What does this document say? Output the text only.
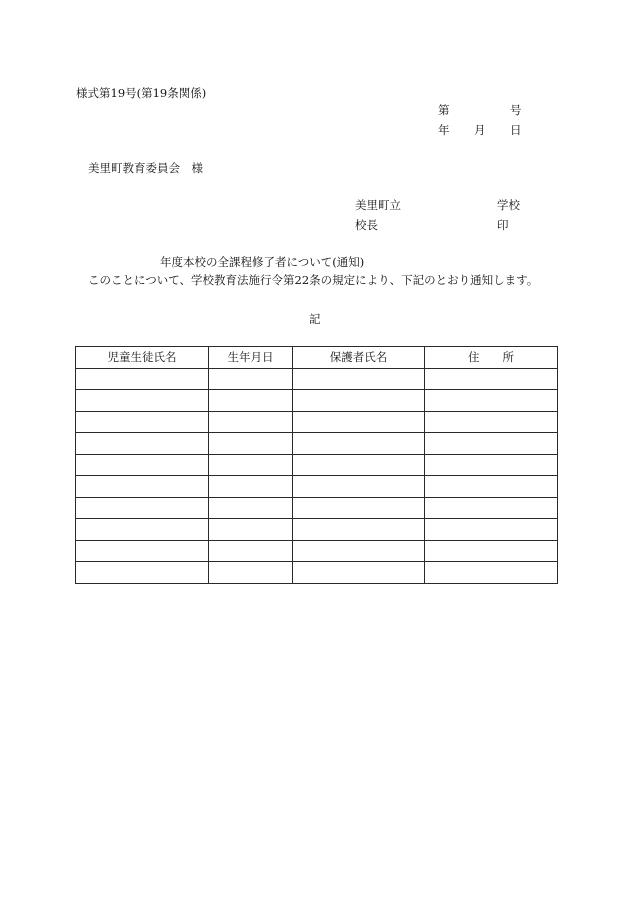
様式第19号(第19条関係)
第	号
年 月 日
美里町教育委員会　様
美里町立	学校
校長	印
年度本校の全課程修了者について(通知)
このことについて、学校教育法施行令第22条の規定により、下記のとおり通知します。
記
児童生徒氏名	生年月日	保護者氏名	住　　所
